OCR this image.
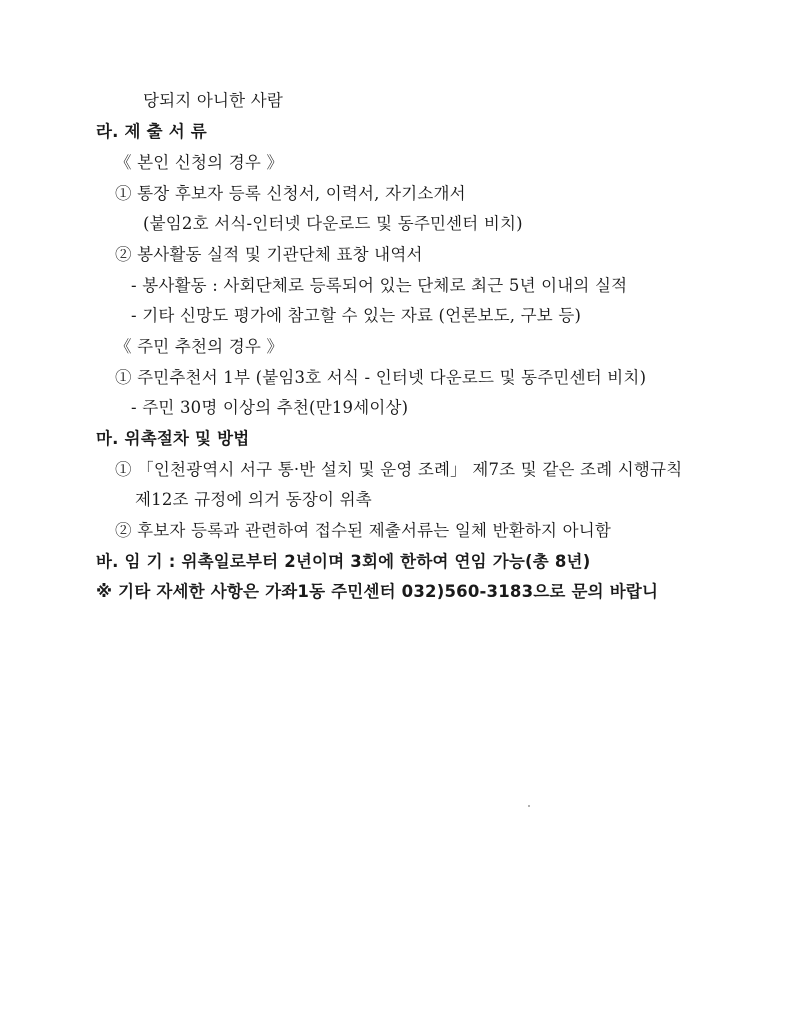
당되지 아니한 사람
라. 제 출 서 류
《 본인 신청의 경우 》
① 통장 후보자 등록 신청서, 이력서, 자기소개서
(붙임2호 서식-인터넷 다운로드 및 동주민센터 비치)
② 봉사활동 실적 및 기관단체 표창 내역서
- 봉사활동 : 사회단체로 등록되어 있는 단체로 최근 5년 이내의 실적
- 기타 신망도 평가에 참고할 수 있는 자료 (언론보도, 구보 등)
《 주민 추천의 경우 》
① 주민추천서 1부 (붙임3호 서식 - 인터넷 다운로드 및 동주민센터 비치)
- 주민 30명 이상의 추천(만19세이상)
마. 위촉절차 및 방법
① 「인천광역시 서구 통·반 설치 및 운영 조례」 제7조 및 같은 조례 시행규칙
제12조 규정에 의거 동장이 위촉
② 후보자 등록과 관련하여 접수된 제출서류는 일체 반환하지 아니함
바. 임 기 : 위촉일로부터 2년이며 3회에 한하여 연임 가능(총 8년)
※ 기타 자세한 사항은 가좌1동 주민센터 032)560-3183으로 문의 바랍니
